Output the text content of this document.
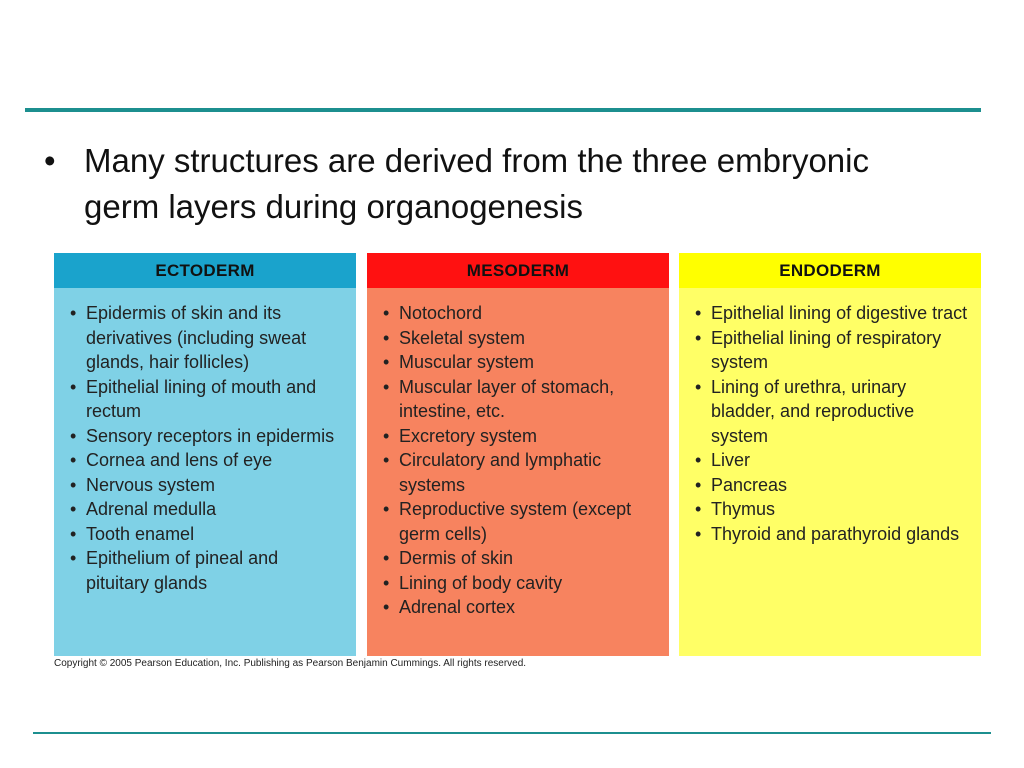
• Many structures are derived from the three embryonic germ layers during organogenesis
ECTODERM
• Epidermis of skin and its derivatives (including sweat glands, hair follicles)
• Epithelial lining of mouth and rectum
• Sensory receptors in epidermis
• Cornea and lens of eye
• Nervous system
• Adrenal medulla
• Tooth enamel
• Epithelium of pineal and pituitary glands
MESODERM
• Notochord
• Skeletal system
• Muscular system
• Muscular layer of stomach, intestine, etc.
• Excretory system
• Circulatory and lymphatic systems
• Reproductive system (except germ cells)
• Dermis of skin
• Lining of body cavity
• Adrenal cortex
ENDODERM
• Epithelial lining of digestive tract
• Epithelial lining of respiratory system
• Lining of urethra, urinary bladder, and reproductive system
• Liver
• Pancreas
• Thymus
• Thyroid and parathyroid glands
Copyright © 2005 Pearson Education, Inc. Publishing as Pearson Benjamin Cummings. All rights reserved.
